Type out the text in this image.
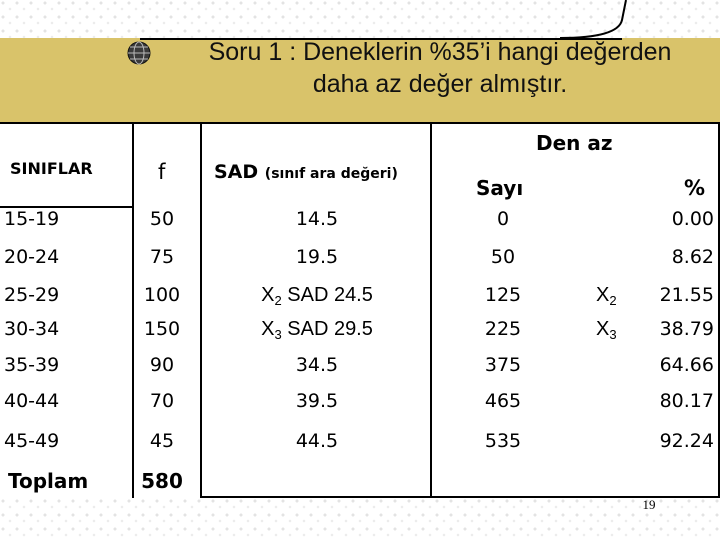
Soru 1 : Deneklerin %35’i hangi değerden
daha az değer almıştır.
SINIFLAR	f	SAD (sınıf ara değeri)
Den az
Sayı	%
15-19	50	14.5	0	0.00
20-24	75	19.5	50	8.62
25-29	100	$X_2$ SAD 24.5	125	$X_2$	21.55
30-34	150	$X_3$ SAD 29.5	225	$X_3$	38.79
35-39	90	34.5	375	64.66
40-44	70	39.5	465	80.17
45-49	45	44.5	535	92.24
Toplam	580
19
